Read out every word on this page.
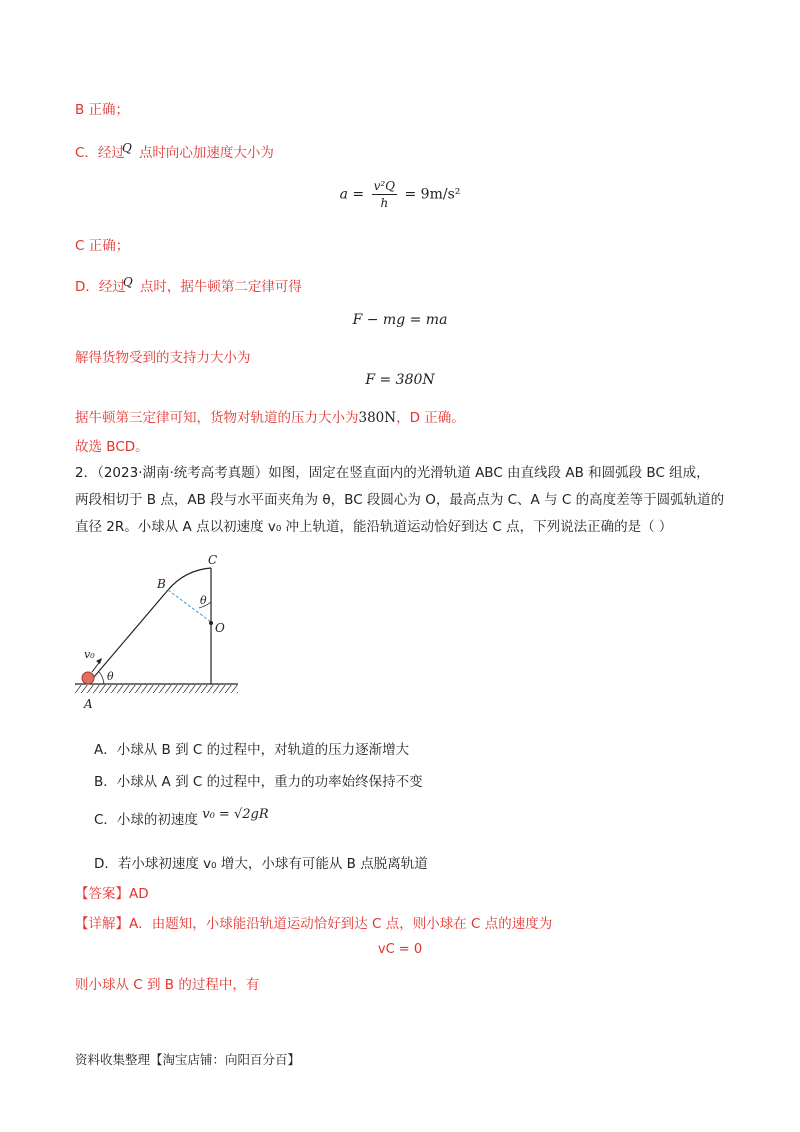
B 正确；
C．经过
Q 点时向心加速度大小为
$a = \frac{\text{v²Q}}{h} = 9m/s^2$
C 正确；
D．经过
Q 点时，据牛顿第二定律可得
F − mg = ma
解得货物受到的支持力大小为
F = 380N
据牛顿第三定律可知，货物对轨道的压力大小为380N，D 正确。
故选 BCD。
2．（2023·湖南·统考高考真题）如图，固定在竖直面内的光滑轨道 ABC 由直线段 AB 和圆弧段 BC 组成，
两段相切于 B 点，AB 段与水平面夹角为 θ，BC 段圆心为 O，最高点为 C、A 与 C 的高度差等于圆弧轨道的
直径 2R。小球从 A 点以初速度 v₀ 冲上轨道，能沿轨道运动恰好到达 C 点，下列说法正确的是（ ）
C
B
O
θ
θ
v₀
A
A．小球从 B 到 C 的过程中，对轨道的压力逐渐增大
B．小球从 A 到 C 的过程中，重力的功率始终保持不变
C．小球的初速度 v₀ = √2gR
D．若小球初速度 v₀ 增大，小球有可能从 B 点脱离轨道
【答案】AD
【详解】A．由题知，小球能沿轨道运动恰好到达 C 点，则小球在 C 点的速度为
vC = 0
则小球从 C 到 B 的过程中，有
资料收集整理【淘宝店铺：向阳百分百】
